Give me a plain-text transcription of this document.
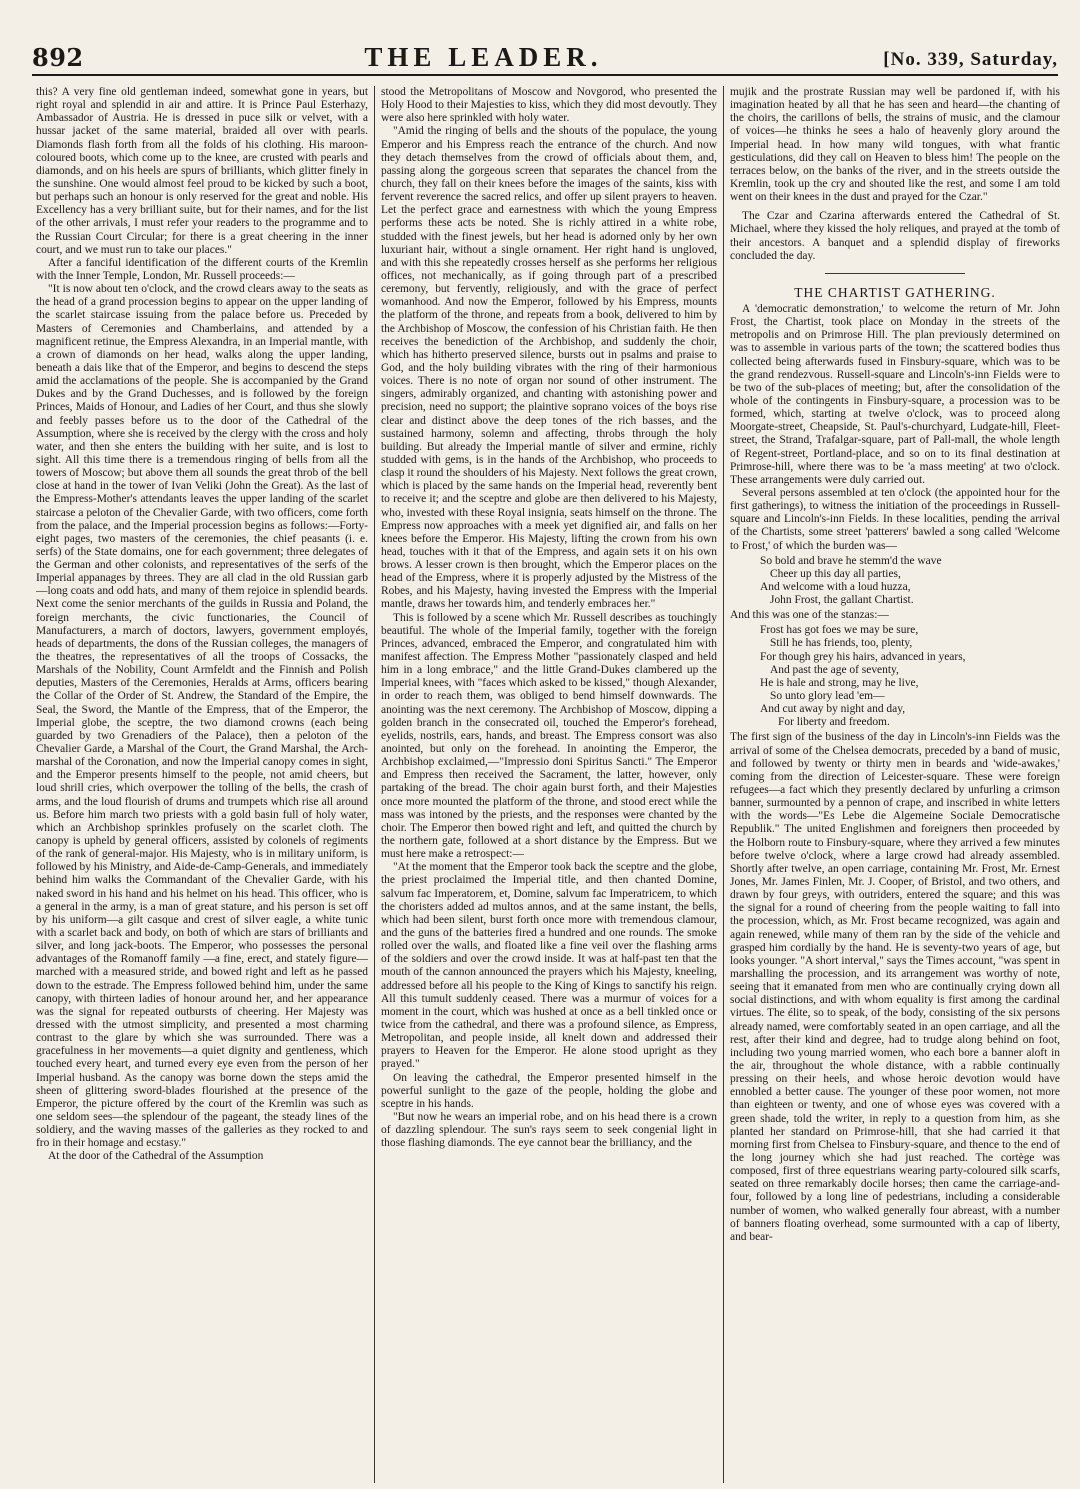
892	THE LEADER.	[No. 339, Saturday,

this? A very fine old gentleman indeed, somewhat gone in years, but right royal and splendid in air and attire. It is Prince Paul Esterhazy, Ambassador of Austria. He is dressed in puce silk or velvet, with a hussar jacket of the same material, braided all over with pearls. Diamonds flash forth from all the folds of his clothing. His maroon-coloured boots, which come up to the knee, are crusted with pearls and diamonds, and on his heels are spurs of brilliants, which glitter finely in the sunshine. One would almost feel proud to be kicked by such a boot, but perhaps such an honour is only reserved for the great and noble. His Excellency has a very brilliant suite, but for their names, and for the list of the other arrivals, I must refer your readers to the programme and to the Russian Court Circular; for there is a great cheering in the inner court, and we must run to take our places."

After a fanciful identification of the different courts of the Kremlin with the Inner Temple, London, Mr. Russell proceeds:—

"It is now about ten o'clock, and the crowd clears away to the seats as the head of a grand procession begins to appear on the upper landing of the scarlet staircase issuing from the palace before us. Preceded by Masters of Ceremonies and Chamberlains, and attended by a magnificent retinue, the Empress Alexandra, in an Imperial mantle, with a crown of diamonds on her head, walks along the upper landing, beneath a dais like that of the Emperor, and begins to descend the steps amid the acclamations of the people. She is accompanied by the Grand Dukes and by the Grand Duchesses, and is followed by the foreign Princes, Maids of Honour, and Ladies of her Court, and thus she slowly and feebly passes before us to the door of the Cathedral of the Assumption, where she is received by the clergy with the cross and holy water, and then she enters the building with her suite, and is lost to sight. All this time there is a tremendous ringing of bells from all the towers of Moscow; but above them all sounds the great throb of the bell close at hand in the tower of Ivan Veliki (John the Great). As the last of the Empress-Mother's attendants leaves the upper landing of the scarlet staircase a peloton of the Chevalier Garde, with two officers, come forth from the palace, and the Imperial procession begins as follows:—Forty-eight pages, two masters of the ceremonies, the chief peasants (i. e. serfs) of the State domains, one for each government; three delegates of the German and other colonists, and representatives of the serfs of the Imperial appanages by threes. They are all clad in the old Russian garb—long coats and odd hats, and many of them rejoice in splendid beards. Next come the senior merchants of the guilds in Russia and Poland, the foreign merchants, the civic functionaries, the Council of Manufacturers, a march of doctors, lawyers, government employés, heads of departments, the dons of the Russian colleges, the managers of the theatres, the representatives of all the troops of Cossacks, the Marshals of the Nobility, Count Armfeldt and the Finnish and Polish deputies, Masters of the Ceremonies, Heralds at Arms, officers bearing the Collar of the Order of St. Andrew, the Standard of the Empire, the Seal, the Sword, the Mantle of the Empress, that of the Emperor, the Imperial globe, the sceptre, the two diamond crowns (each being guarded by two Grenadiers of the Palace), then a peloton of the Chevalier Garde, a Marshal of the Court, the Grand Marshal, the Arch-marshal of the Coronation, and now the Imperial canopy comes in sight, and the Emperor presents himself to the people, not amid cheers, but loud shrill cries, which overpower the tolling of the bells, the crash of arms, and the loud flourish of drums and trumpets which rise all around us. Before him march two priests with a gold basin full of holy water, which an Archbishop sprinkles profusely on the scarlet cloth. The canopy is upheld by general officers, assisted by colonels of regiments of the rank of general-major. His Majesty, who is in military uniform, is followed by his Ministry, and Aide-de-Camp-Generals, and immediately behind him walks the Commandant of the Chevalier Garde, with his naked sword in his hand and his helmet on his head. This officer, who is a general in the army, is a man of great stature, and his person is set off by his uniform—a gilt casque and crest of silver eagle, a white tunic with a scarlet back and body, on both of which are stars of brilliants and silver, and long jack-boots. The Emperor, who possesses the personal advantages of the Romanoff family —a fine, erect, and stately figure—marched with a measured stride, and bowed right and left as he passed down to the estrade. The Empress followed behind him, under the same canopy, with thirteen ladies of honour around her, and her appearance was the signal for repeated outbursts of cheering. Her Majesty was dressed with the utmost simplicity, and presented a most charming contrast to the glare by which she was surrounded. There was a gracefulness in her movements—a quiet dignity and gentleness, which touched every heart, and turned every eye even from the person of her Imperial husband. As the canopy was borne down the steps amid the sheen of glittering sword-blades flourished at the presence of the Emperor, the picture offered by the court of the Kremlin was such as one seldom sees—the splendour of the pageant, the steady lines of the soldiery, and the waving masses of the galleries as they rocked to and fro in their homage and ecstasy."

At the door of the Cathedral of the Assumption

stood the Metropolitans of Moscow and Novgorod, who presented the Holy Hood to their Majesties to kiss, which they did most devoutly. They were also here sprinkled with holy water.

"Amid the ringing of bells and the shouts of the populace, the young Emperor and his Empress reach the entrance of the church. And now they detach themselves from the crowd of officials about them, and, passing along the gorgeous screen that separates the chancel from the church, they fall on their knees before the images of the saints, kiss with fervent reverence the sacred relics, and offer up silent prayers to heaven. Let the perfect grace and earnestness with which the young Empress performs these acts be noted. She is richly attired in a white robe, studded with the finest jewels, but her head is adorned only by her own luxuriant hair, without a single ornament. Her right hand is ungloved, and with this she repeatedly crosses herself as she performs her religious offices, not mechanically, as if going through part of a prescribed ceremony, but fervently, religiously, and with the grace of perfect womanhood. And now the Emperor, followed by his Empress, mounts the platform of the throne, and repeats from a book, delivered to him by the Archbishop of Moscow, the confession of his Christian faith. He then receives the benediction of the Archbishop, and suddenly the choir, which has hitherto preserved silence, bursts out in psalms and praise to God, and the holy building vibrates with the ring of their harmonious voices. There is no note of organ nor sound of other instrument. The singers, admirably organized, and chanting with astonishing power and precision, need no support; the plaintive soprano voices of the boys rise clear and distinct above the deep tones of the rich basses, and the sustained harmony, solemn and affecting, throbs through the holy building. But already the Imperial mantle of silver and ermine, richly studded with gems, is in the hands of the Archbishop, who proceeds to clasp it round the shoulders of his Majesty. Next follows the great crown, which is placed by the same hands on the Imperial head, reverently bent to receive it; and the sceptre and globe are then delivered to his Majesty, who, invested with these Royal insignia, seats himself on the throne. The Empress now approaches with a meek yet dignified air, and falls on her knees before the Emperor. His Majesty, lifting the crown from his own head, touches with it that of the Empress, and again sets it on his own brows. A lesser crown is then brought, which the Emperor places on the head of the Empress, where it is properly adjusted by the Mistress of the Robes, and his Majesty, having invested the Empress with the Imperial mantle, draws her towards him, and tenderly embraces her."

This is followed by a scene which Mr. Russell describes as touchingly beautiful. The whole of the Imperial family, together with the foreign Princes, advanced, embraced the Emperor, and congratulated him with manifest affection. The Empress Mother "passionately clasped and held him in a long embrace," and the little Grand-Dukes clambered up the Imperial knees, with "faces which asked to be kissed," though Alexander, in order to reach them, was obliged to bend himself downwards. The anointing was the next ceremony. The Archbishop of Moscow, dipping a golden branch in the consecrated oil, touched the Emperor's forehead, eyelids, nostrils, ears, hands, and breast. The Empress consort was also anointed, but only on the forehead. In anointing the Emperor, the Archbishop exclaimed,—"Impressio doni Spiritus Sancti." The Emperor and Empress then received the Sacrament, the latter, however, only partaking of the bread. The choir again burst forth, and their Majesties once more mounted the platform of the throne, and stood erect while the mass was intoned by the priests, and the responses were chanted by the choir. The Emperor then bowed right and left, and quitted the church by the northern gate, followed at a short distance by the Empress. But we must here make a retrospect:—

"At the moment that the Emperor took back the sceptre and the globe, the priest proclaimed the Imperial title, and then chanted Domine, salvum fac Imperatorem, et, Domine, salvum fac Imperatricem, to which the choristers added ad multos annos, and at the same instant, the bells, which had been silent, burst forth once more with tremendous clamour, and the guns of the batteries fired a hundred and one rounds. The smoke rolled over the walls, and floated like a fine veil over the flashing arms of the soldiers and over the crowd inside. It was at half-past ten that the mouth of the cannon announced the prayers which his Majesty, kneeling, addressed before all his people to the King of Kings to sanctify his reign. All this tumult suddenly ceased. There was a murmur of voices for a moment in the court, which was hushed at once as a bell tinkled once or twice from the cathedral, and there was a profound silence, as Empress, Metropolitan, and people inside, all knelt down and addressed their prayers to Heaven for the Emperor. He alone stood upright as they prayed."

On leaving the cathedral, the Emperor presented himself in the powerful sunlight to the gaze of the people, holding the globe and sceptre in his hands.

"But now he wears an imperial robe, and on his head there is a crown of dazzling splendour. The sun's rays seem to seek congenial light in those flashing diamonds. The eye cannot bear the brilliancy, and the

mujik and the prostrate Russian may well be pardoned if, with his imagination heated by all that he has seen and heard—the chanting of the choirs, the carillons of bells, the strains of music, and the clamour of voices—he thinks he sees a halo of heavenly glory around the Imperial head. In how many wild tongues, with what frantic gesticulations, did they call on Heaven to bless him! The people on the terraces below, on the banks of the river, and in the streets outside the Kremlin, took up the cry and shouted like the rest, and some I am told went on their knees in the dust and prayed for the Czar."

The Czar and Czarina afterwards entered the Cathedral of St. Michael, where they kissed the holy reliques, and prayed at the tomb of their ancestors. A banquet and a splendid display of fireworks concluded the day.

THE CHARTIST GATHERING.

A 'democratic demonstration,' to welcome the return of Mr. John Frost, the Chartist, took place on Monday in the streets of the metropolis and on Primrose Hill. The plan previously determined on was to assemble in various parts of the town; the scattered bodies thus collected being afterwards fused in Finsbury-square, which was to be the grand rendezvous. Russell-square and Lincoln's-inn Fields were to be two of the sub-places of meeting; but, after the consolidation of the whole of the contingents in Finsbury-square, a procession was to be formed, which, starting at twelve o'clock, was to proceed along Moorgate-street, Cheapside, St. Paul's-churchyard, Ludgate-hill, Fleet-street, the Strand, Trafalgar-square, part of Pall-mall, the whole length of Regent-street, Portland-place, and so on to its final destination at Primrose-hill, where there was to be 'a mass meeting' at two o'clock. These arrangements were duly carried out.

Several persons assembled at ten o'clock (the appointed hour for the first gatherings), to witness the initiation of the proceedings in Russell-square and Lincoln's-inn Fields. In these localities, pending the arrival of the Chartists, some street 'patterers' bawled a song called 'Welcome to Frost,' of which the burden was—

So bold and brave he stemm'd the wave
Cheer up this day all parties,
And welcome with a loud huzza,
John Frost, the gallant Chartist.

And this was one of the stanzas:—

Frost has got foes we may be sure,
Still he has friends, too, plenty,
For though grey his hairs, advanced in years,
And past the age of seventy,
He is hale and strong, may he live,
So unto glory lead 'em—
And cut away by night and day,
For liberty and freedom.

The first sign of the business of the day in Lincoln's-inn Fields was the arrival of some of the Chelsea democrats, preceded by a band of music, and followed by twenty or thirty men in beards and 'wide-awakes,' coming from the direction of Leicester-square. These were foreign refugees—a fact which they presently declared by unfurling a crimson banner, surmounted by a pennon of crape, and inscribed in white letters with the words—"Es Lebe die Algemeine Sociale Democratische Republik." The united Englishmen and foreigners then proceeded by the Holborn route to Finsbury-square, where they arrived a few minutes before twelve o'clock, where a large crowd had already assembled. Shortly after twelve, an open carriage, containing Mr. Frost, Mr. Ernest Jones, Mr. James Finlen, Mr. J. Cooper, of Bristol, and two others, and drawn by four greys, with outriders, entered the square; and this was the signal for a round of cheering from the people waiting to fall into the procession, which, as Mr. Frost became recognized, was again and again renewed, while many of them ran by the side of the vehicle and grasped him cordially by the hand. He is seventy-two years of age, but looks younger. "A short interval," says the Times account, "was spent in marshalling the procession, and its arrangement was worthy of note, seeing that it emanated from men who are continually crying down all social distinctions, and with whom equality is first among the cardinal virtues. The élite, so to speak, of the body, consisting of the six persons already named, were comfortably seated in an open carriage, and all the rest, after their kind and degree, had to trudge along behind on foot, including two young married women, who each bore a banner aloft in the air, throughout the whole distance, with a rabble continually pressing on their heels, and whose heroic devotion would have ennobled a better cause. The younger of these poor women, not more than eighteen or twenty, and one of whose eyes was covered with a green shade, told the writer, in reply to a question from him, as she planted her standard on Primrose-hill, that she had carried it that morning first from Chelsea to Finsbury-square, and thence to the end of the long journey which she had just reached. The cortège was composed, first of three equestrians wearing party-coloured silk scarfs, seated on three remarkably docile horses; then came the carriage-and-four, followed by a long line of pedestrians, including a considerable number of women, who walked generally four abreast, with a number of banners floating overhead, some surmounted with a cap of liberty, and bear-
